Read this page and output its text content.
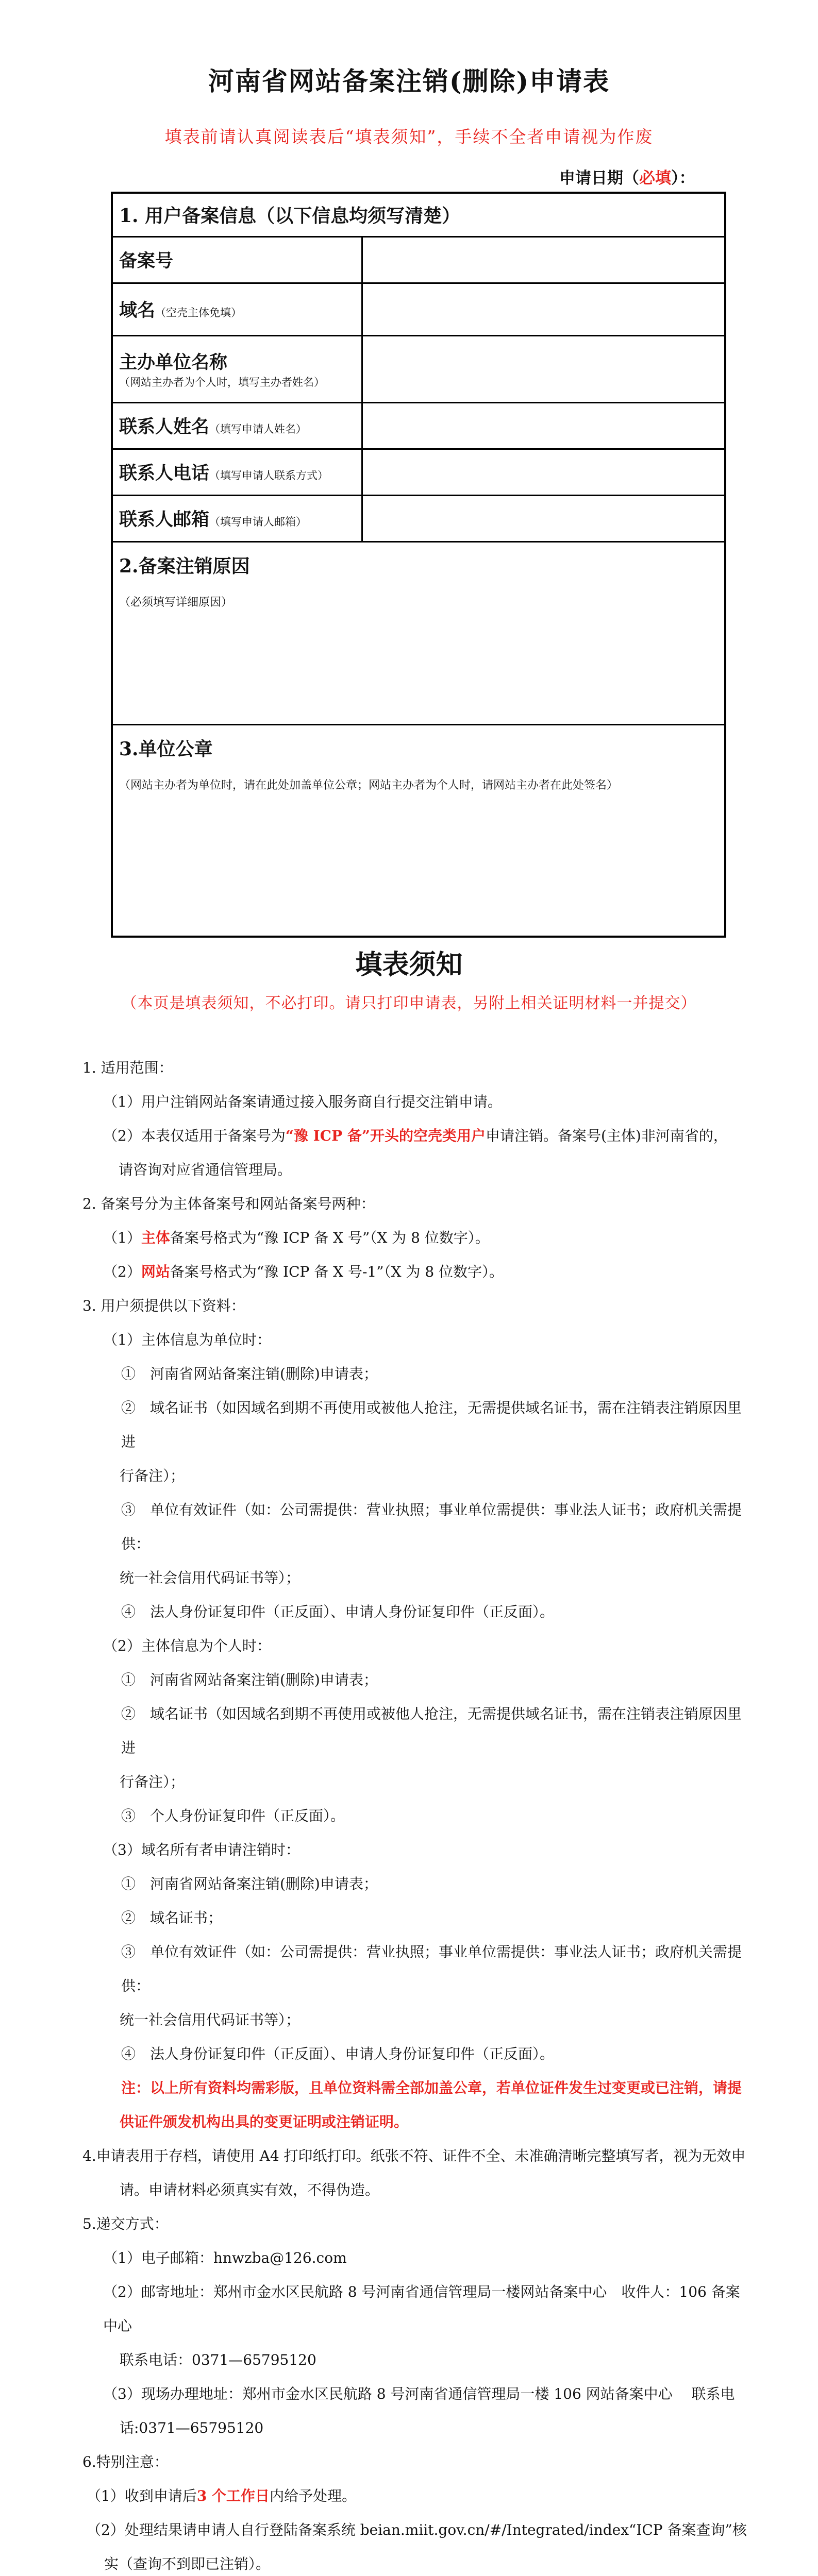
河南省网站备案注销(删除)申请表
填表前请认真阅读表后“填表须知”，手续不全者申请视为作废
申请日期（必填）：
1. 用户备案信息（以下信息均须写清楚）	
备案号	
域名（空壳主体免填）	
主办单位名称
（网站主办者为个人时，填写主办者姓名）	
联系人姓名（填写申请人姓名）	
联系人电话（填写申请人联系方式）	
联系人邮箱（填写申请人邮箱）	
2.备案注销原因
（必须填写详细原因）	

3.单位公章
（网站主办者为单位时，请在此处加盖单位公章；网站主办者为个人时，请网站主办者在此处签名）	
填表须知
（本页是填表须知，不必打印。请只打印申请表，另附上相关证明材料一并提交）

1. 适用范围：

（1）用户注销网站备案请通过接入服务商自行提交注销申请。

（2）本表仅适用于备案号为“豫 ICP 备”开头的空壳类用户申请注销。备案号(主体)非河南省的，

请咨询对应省通信管理局。

2. 备案号分为主体备案号和网站备案号两种：

（1）主体备案号格式为“豫 ICP 备 X 号”（X 为 8 位数字）。

（2）网站备案号格式为“豫 ICP 备 X 号-1”（X 为 8 位数字）。

3. 用户须提供以下资料：

（1）主体信息为单位时：

①　河南省网站备案注销(删除)申请表；

②　域名证书（如因域名到期不再使用或被他人抢注，无需提供域名证书，需在注销表注销原因里进

行备注）；

③　单位有效证件（如：公司需提供：营业执照；事业单位需提供：事业法人证书；政府机关需提供：

统一社会信用代码证书等）；

④　法人身份证复印件（正反面）、申请人身份证复印件（正反面）。

（2）主体信息为个人时：

①　河南省网站备案注销(删除)申请表；

②　域名证书（如因域名到期不再使用或被他人抢注，无需提供域名证书，需在注销表注销原因里进

行备注）；

③　个人身份证复印件（正反面）。

（3）域名所有者申请注销时：

①　河南省网站备案注销(删除)申请表；

②　域名证书；

③　单位有效证件（如：公司需提供：营业执照；事业单位需提供：事业法人证书；政府机关需提供：

统一社会信用代码证书等）；

④　法人身份证复印件（正反面）、申请人身份证复印件（正反面）。

注：以上所有资料均需彩版，且单位资料需全部加盖公章，若单位证件发生过变更或已注销，请提

供证件颁发机构出具的变更证明或注销证明。

4.申请表用于存档，请使用 A4 打印纸打印。纸张不符、证件不全、未准确清晰完整填写者，视为无效申

请。申请材料必须真实有效，不得伪造。

5.递交方式：

（1）电子邮箱：hnwzba@126.com

（2）邮寄地址：郑州市金水区民航路 8 号河南省通信管理局一楼网站备案中心　收件人：106 备案中心

联系电话：0371—65795120

（3）现场办理地址：郑州市金水区民航路 8 号河南省通信管理局一楼 106 网站备案中心　 联系电

话:0371—65795120

6.特别注意：

（1）收到申请后3 个工作日内给予处理。

（2）处理结果请申请人自行登陆备案系统 beian.miit.gov.cn/#/Integrated/index“ICP 备案查询”核

实（查询不到即已注销）。
